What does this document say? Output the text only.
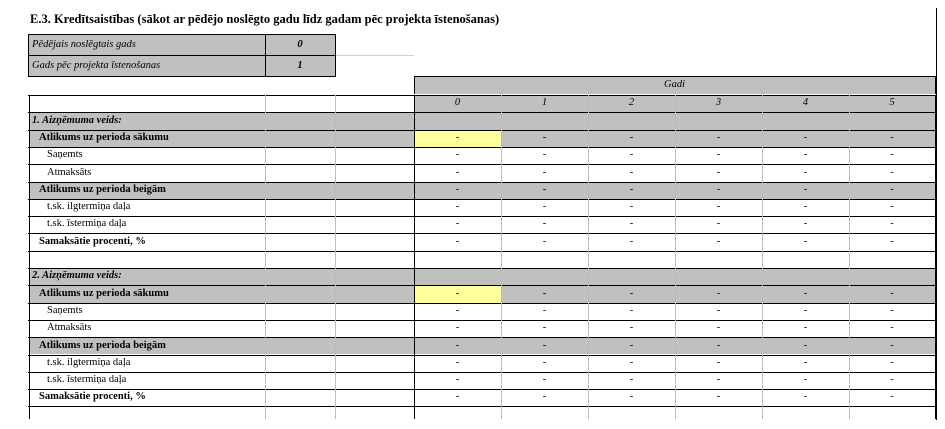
E.3. Kredītsaistības (sākot ar pēdējo noslēgto gadu līdz gadam pēc projekta īstenošanas)
Pēdējais noslēgtais gads	0
Gads pēc projekta īstenošanas	1
Gadi
0	1	2	3	4	5
1. Aizņēmuma veids:
Atlikums uz perioda sākumu	-	-	-	-	-	-
Saņemts	-	-	-	-	-	-
Atmaksāts	-	-	-	-	-	-
Atlikums uz perioda beigām	-	-	-	-	-	-
t.sk. ilgtermiņa daļa	-	-	-	-	-	-
t.sk. īstermiņa daļa	-	-	-	-	-	-
Samaksātie procenti, %	-	-	-	-	-	-
2. Aizņēmuma veids:
Atlikums uz perioda sākumu	-	-	-	-	-	-
Saņemts	-	-	-	-	-	-
Atmaksāts	-	-	-	-	-	-
Atlikums uz perioda beigām	-	-	-	-	-	-
t.sk. ilgtermiņa daļa	-	-	-	-	-	-
t.sk. īstermiņa daļa	-	-	-	-	-	-
Samaksātie procenti, %	-	-	-	-	-	-
